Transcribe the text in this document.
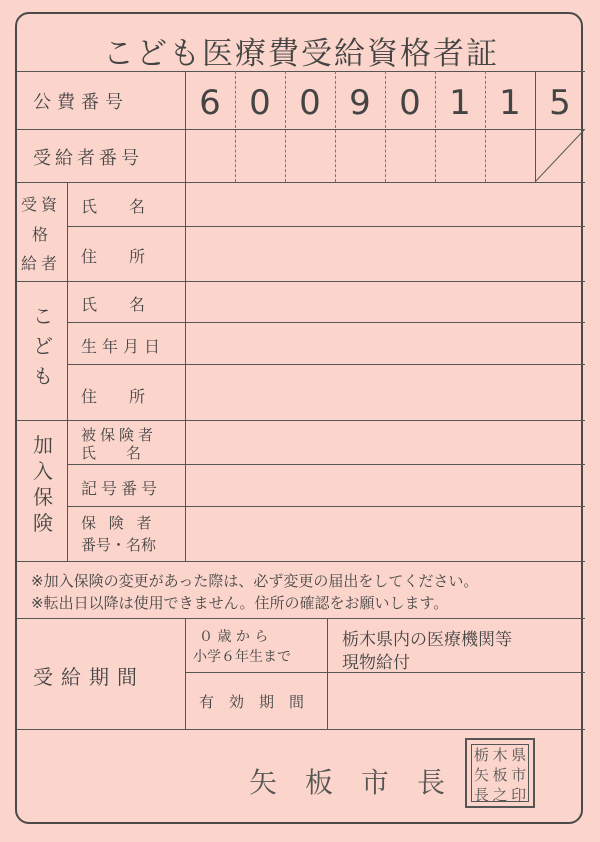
こども医療費受給資格者証
公費番号
受給者番号
6 0 0 9 0 1 1 5
受資
格
給者
氏　　名
住　　所
こ
ど
も
氏　　名
生年月日
住　　所
加
入
保
険
被保険者
氏　　名
記号番号
保 険 者
番号・名称
※加入保険の変更があった際は、必ず変更の届出をしてください。
※転出日以降は使用できません。住所の確認をお願いします。
受給期間
０ 歳 か ら
小学６年生まで
栃木県内の医療機関等
現物給付
有　効　期　間
矢　板　市　長
栃 木 県
矢 板 市
長 之 印
